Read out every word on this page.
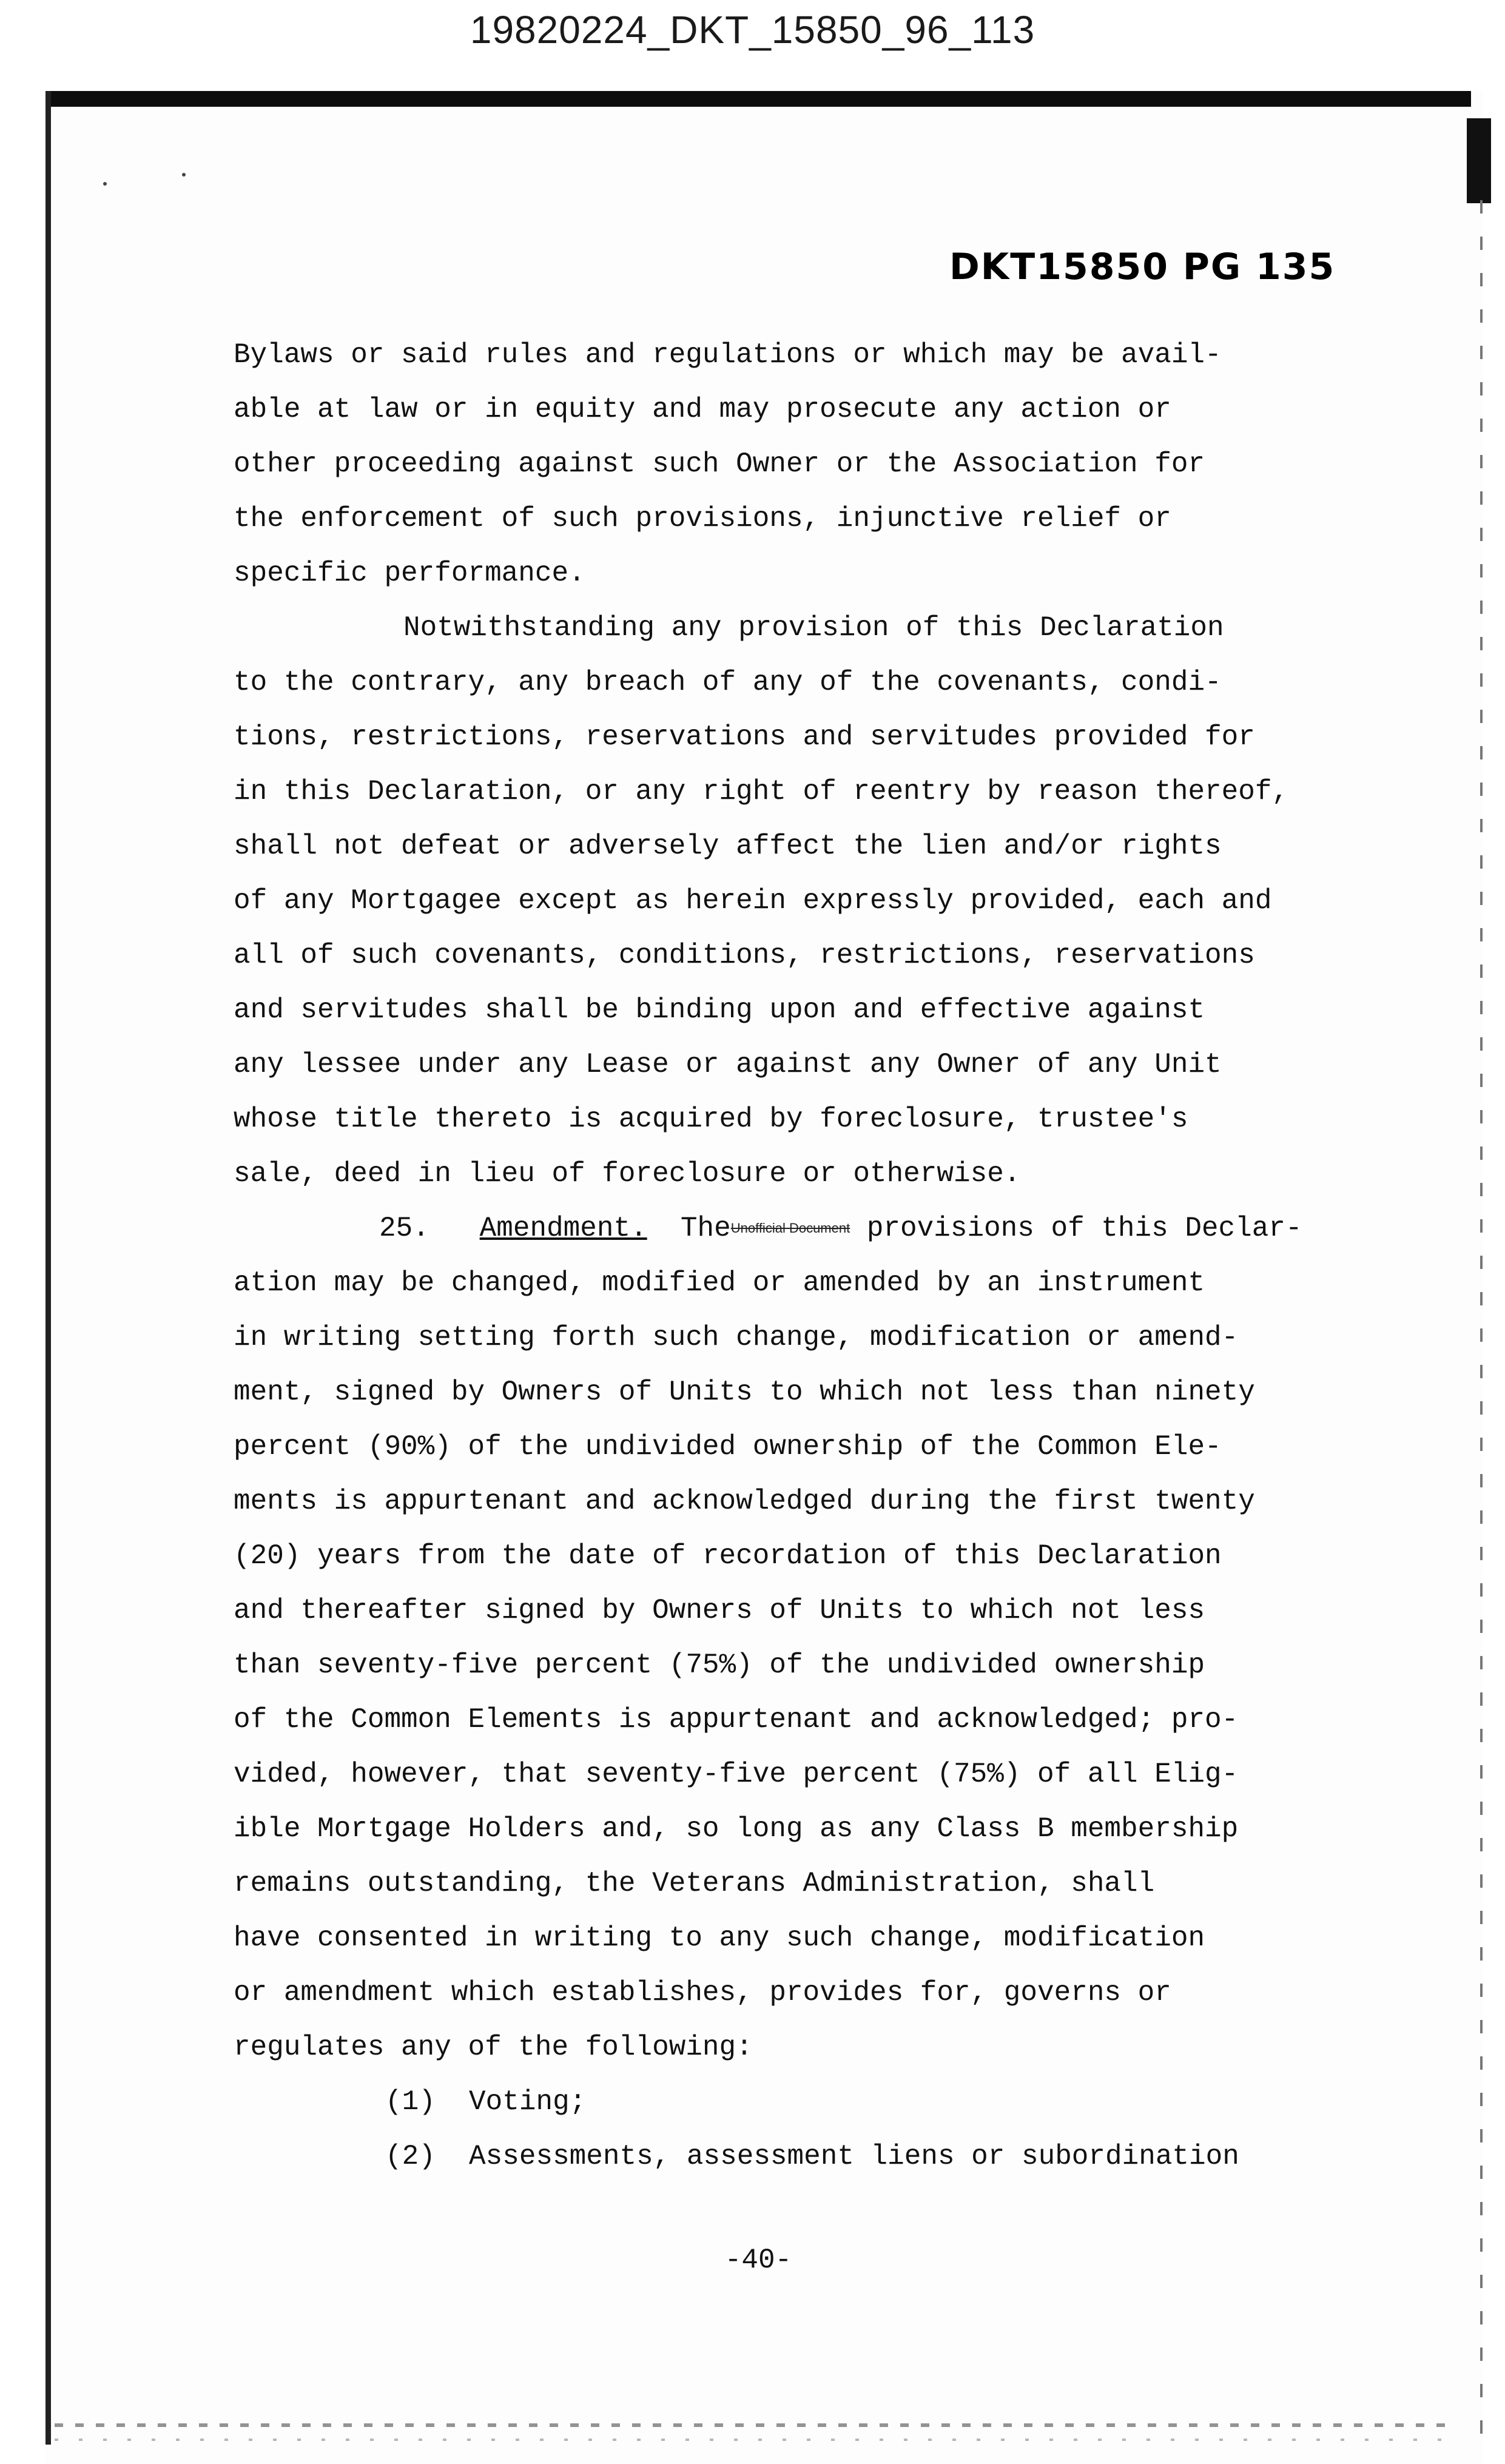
19820224_DKT_15850_96_113
DKT15850 PG 135
Bylaws or said rules and regulations or which may be avail-
able at law or in equity and may prosecute any action or
other proceeding against such Owner or the Association for
the enforcement of such provisions, injunctive relief or
specific performance.
Notwithstanding any provision of this Declaration
to the contrary, any breach of any of the covenants, condi-
tions, restrictions, reservations and servitudes provided for
in this Declaration, or any right of reentry by reason thereof,
shall not defeat or adversely affect the lien and/or rights
of any Mortgagee except as herein expressly provided, each and
all of such covenants, conditions, restrictions, reservations
and servitudes shall be binding upon and effective against
any lessee under any Lease or against any Owner of any Unit
whose title thereto is acquired by foreclosure, trustee's
sale, deed in lieu of foreclosure or otherwise.
25. Amendment. TheUnofficial Document provisions of this Declar-
ation may be changed, modified or amended by an instrument
in writing setting forth such change, modification or amend-
ment, signed by Owners of Units to which not less than ninety
percent (90%) of the undivided ownership of the Common Ele-
ments is appurtenant and acknowledged during the first twenty
(20) years from the date of recordation of this Declaration
and thereafter signed by Owners of Units to which not less
than seventy-five percent (75%) of the undivided ownership
of the Common Elements is appurtenant and acknowledged; pro-
vided, however, that seventy-five percent (75%) of all Elig-
ible Mortgage Holders and, so long as any Class B membership
remains outstanding, the Veterans Administration, shall
have consented in writing to any such change, modification
or amendment which establishes, provides for, governs or
regulates any of the following:
(1) Voting;
(2) Assessments, assessment liens or subordination
-40-
